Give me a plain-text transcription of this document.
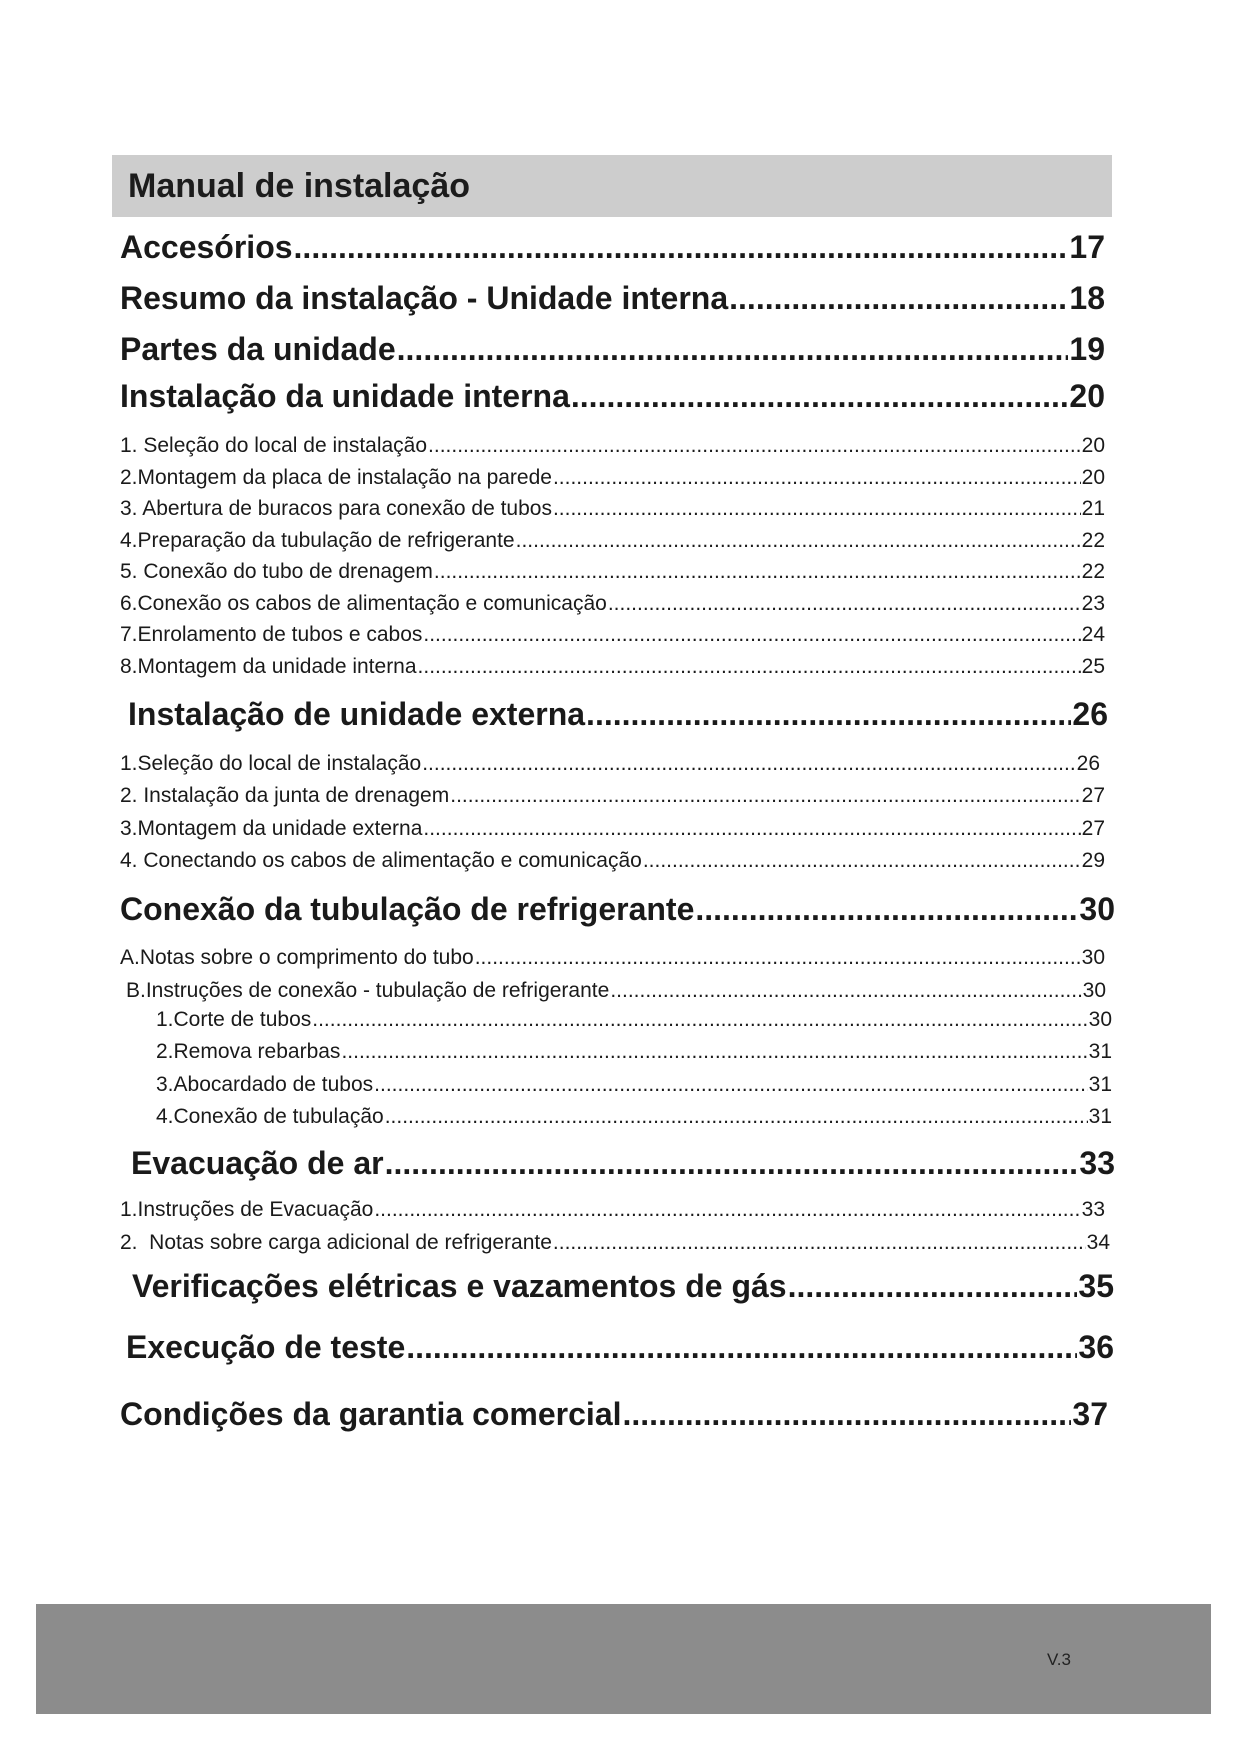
Manual de instalação
Accesórios .....	17
Resumo da instalação - Unidade interna .....	18
Partes da unidade .....	19
Instalação da unidade interna .....	20
1. Seleção do local de instalação .....	20
2.Montagem da placa de instalação na parede .....	20
3. Abertura de buracos para conexão de tubos .....	21
4.Preparação da tubulação de refrigerante .....	22
5. Conexão do tubo de drenagem .....	22
6.Conexão os cabos de alimentação e comunicação .....	23
7.Enrolamento de tubos e cabos .....	24
8.Montagem da unidade interna .....	25
Instalação de unidade externa .....	26
1.Seleção do local de instalação .....	26
2. Instalação da junta de drenagem .....	27
3.Montagem da unidade externa .....	27
4. Conectando os cabos de alimentação e comunicação .....	29
Conexão da tubulação de refrigerante .....	30
A.Notas sobre o comprimento do tubo .....	30
B.Instruções de conexão - tubulação de refrigerante .....	30
1.Corte de tubos .....	30
2.Remova rebarbas .....	31
3.Abocardado de tubos .....	31
4.Conexão de tubulação .....	31
Evacuação de ar .....	33
1.Instruções de Evacuação .....	33
2.  Notas sobre carga adicional de refrigerante .....	34
Verificações elétricas e vazamentos de gás .....	35
Execução de teste .....	36
Condições da garantia comercial .....	37
V.3
